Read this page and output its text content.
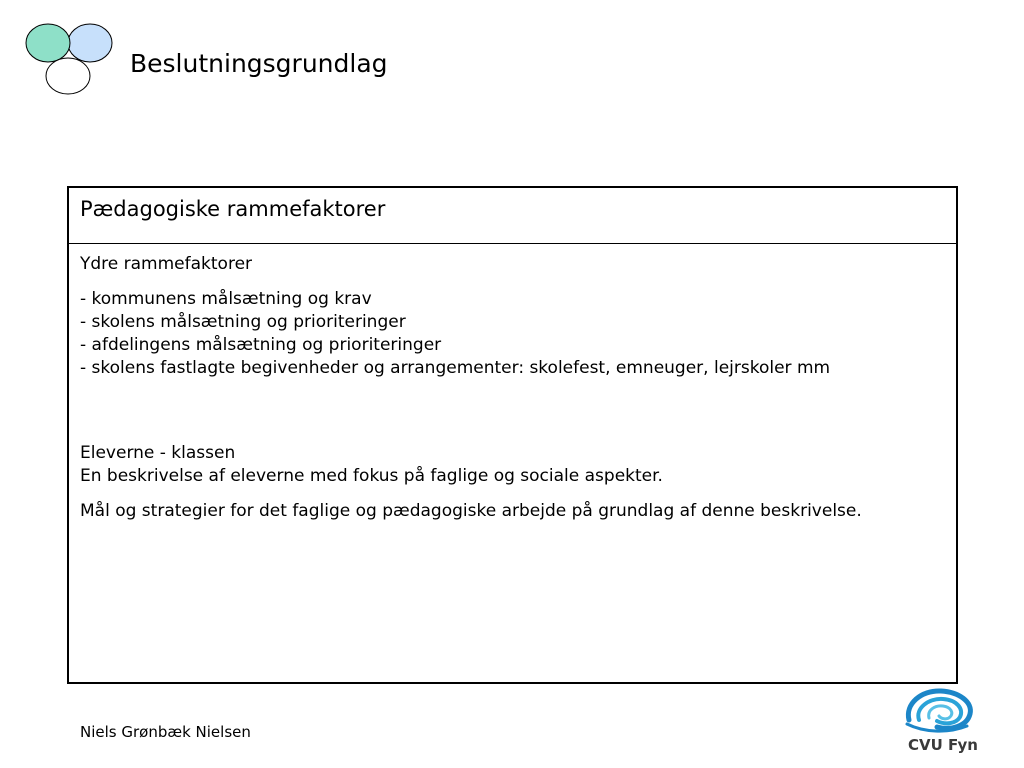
Beslutningsgrundlag
Pædagogiske rammefaktorer

Ydre rammefaktorer

- kommunens målsætning og krav

- skolens målsætning og prioriteringer

- afdelingens målsætning og prioriteringer

- skolens fastlagte begivenheder og arrangementer: skolefest, emneuger, lejrskoler mm

Eleverne - klassen

En beskrivelse af eleverne med fokus på faglige og sociale aspekter.

Mål og strategier for det faglige og pædagogiske arbejde på grundlag af denne beskrivelse.

Niels Grønbæk Nielsen
CVU Fyn
